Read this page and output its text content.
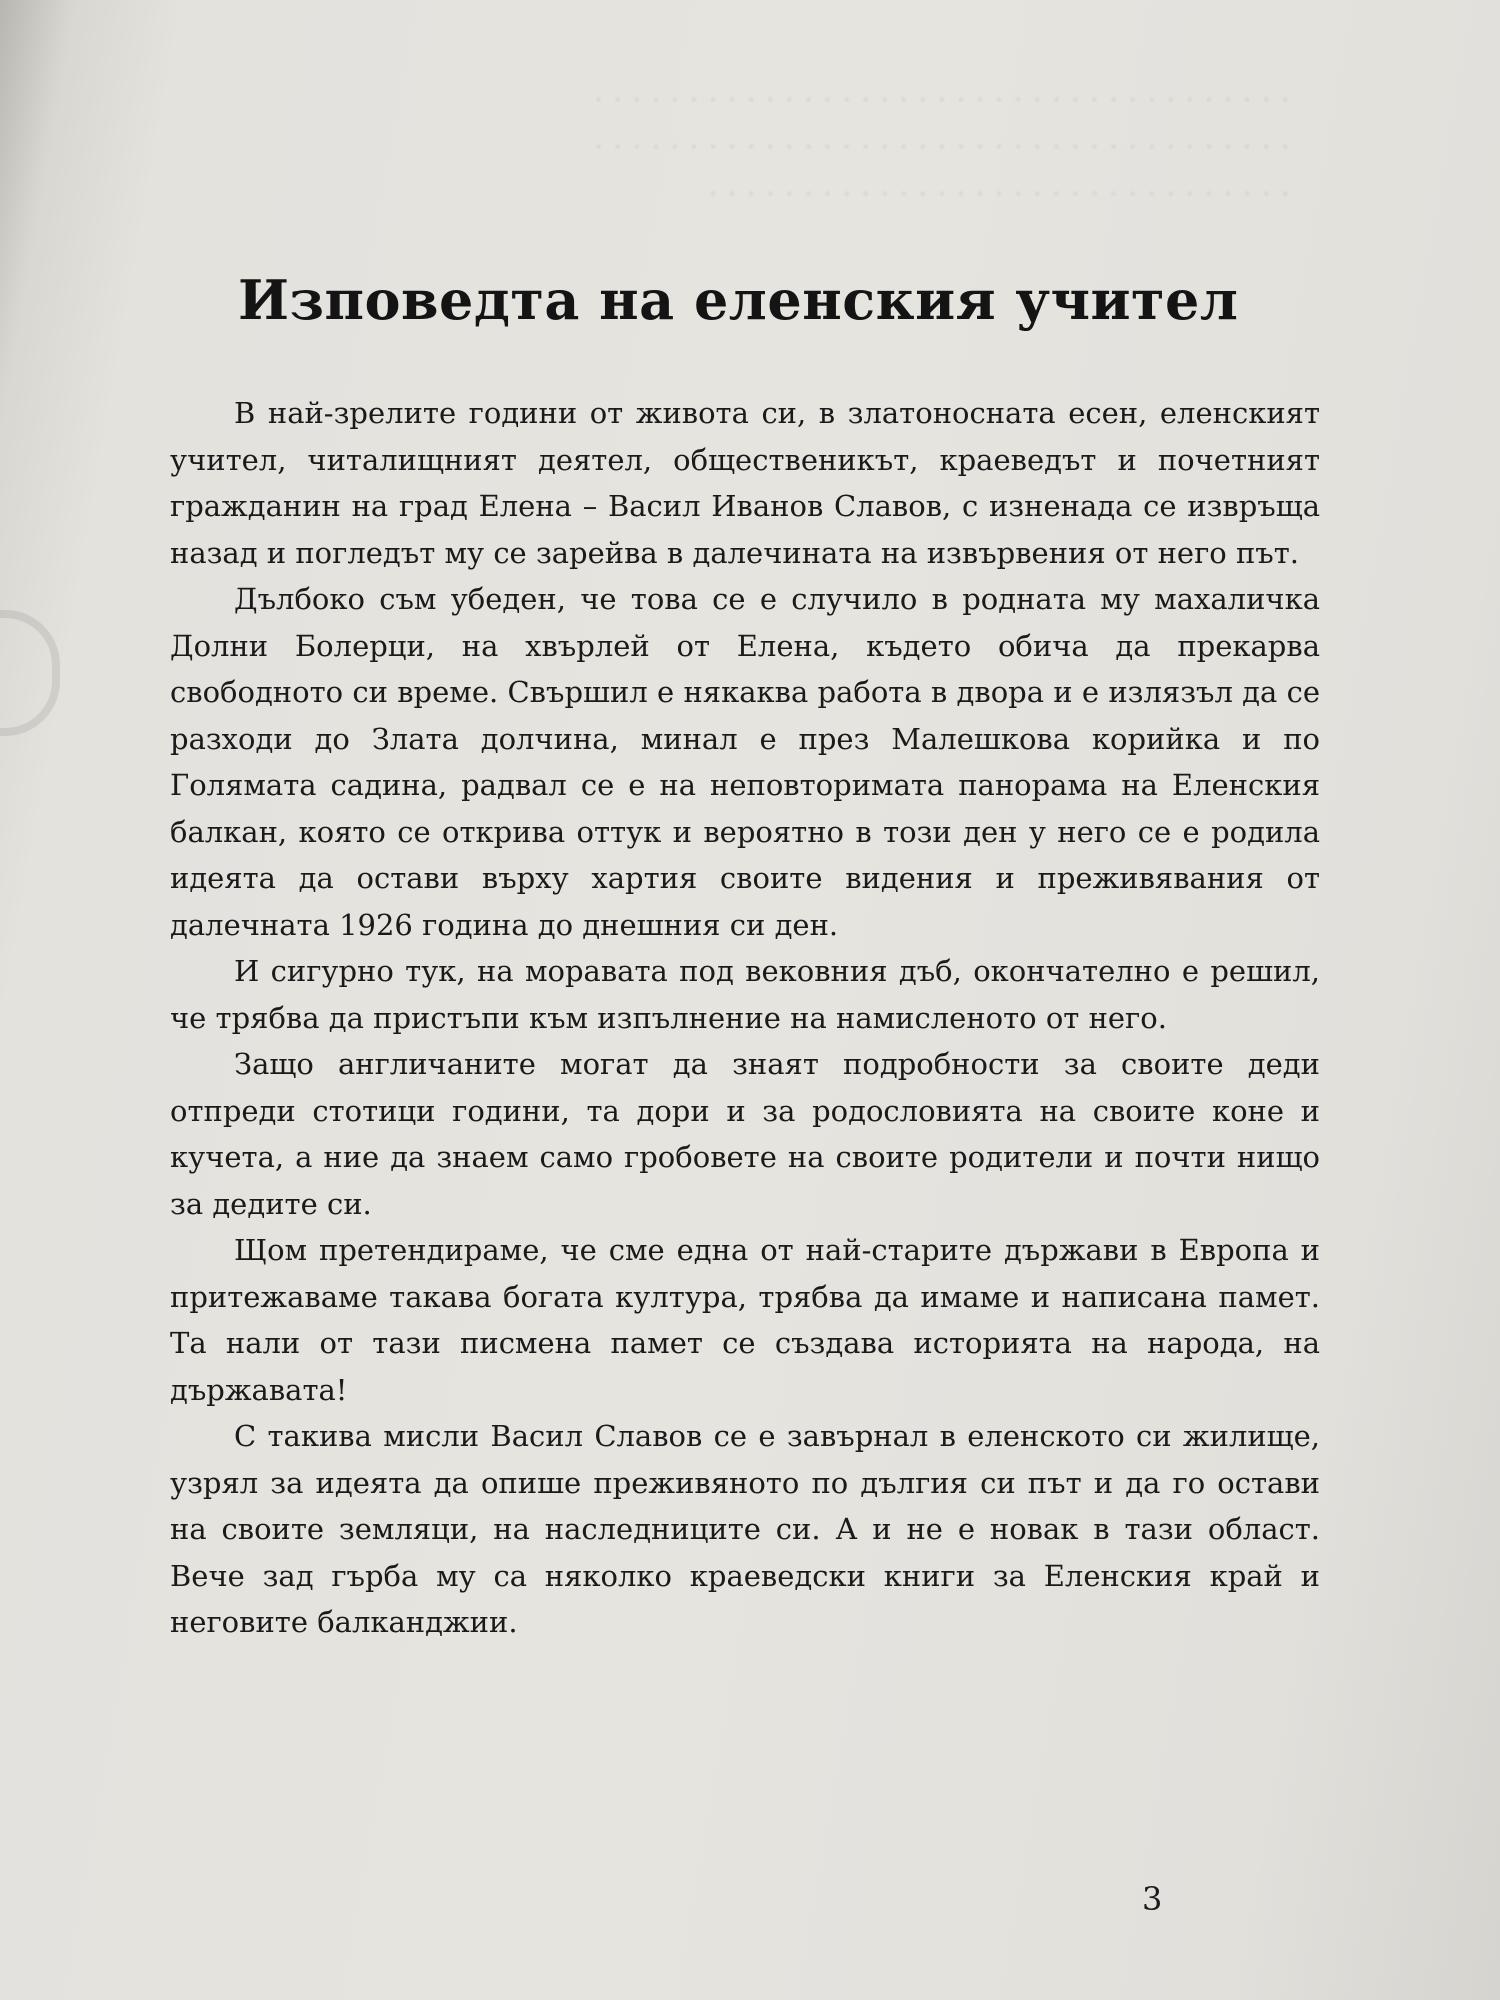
. . . . . . . . . . . . . . . . . . . . . . . . . . . . . . . . . . . . .

. . . . . . . . . . . . . . . . . . . . . . . . . . . . . . . . . . . . .

. . . . . . . . . . . . . . . . . . . . . . . . . . . . . . .

Изповедта на еленския учител

В най-зрелите години от живота си, в златоносната есен, еленският учител, читалищният деятел, общественикът, краеведът и почетният гражданин на град Елена – Васил Иванов Славов, с изненада се извръща назад и погледът му се зарейва в далечината на извървения от него път.

Дълбоко съм убеден, че това се е случило в родната му махаличка Долни Болерци, на хвърлей от Елена, където обича да прекарва свободното си време. Свършил е някаква работа в двора и е излязъл да се разходи до Злата долчина, минал е през Малешкова корийка и по Голямата садина, радвал се е на неповторимата панорама на Еленския балкан, която се открива оттук и вероятно в този ден у него се е родила идеята да остави върху хартия своите видения и преживявания от далечната 1926 година до днешния си ден.

И сигурно тук, на моравата под вековния дъб, окончателно е решил, че трябва да пристъпи към изпълнение на намисленото от него.

Защо англичаните могат да знаят подробности за своите деди отпреди стотици години, та дори и за родословията на своите коне и кучета, а ние да знаем само гробовете на своите родители и почти нищо за дедите си.

Щом претендираме, че сме една от най-старите държави в Европа и притежаваме такава богата култура, трябва да имаме и написана памет. Та нали от тази писмена памет се създава историята на народа, на държавата!

С такива мисли Васил Славов се е завърнал в еленското си жилище, узрял за идеята да опише преживяното по дългия си път и да го остави на своите земляци, на наследниците си. А и не е новак в тази област. Вече зад гърба му са няколко краеведски книги за Еленския край и неговите балканджии.

3
